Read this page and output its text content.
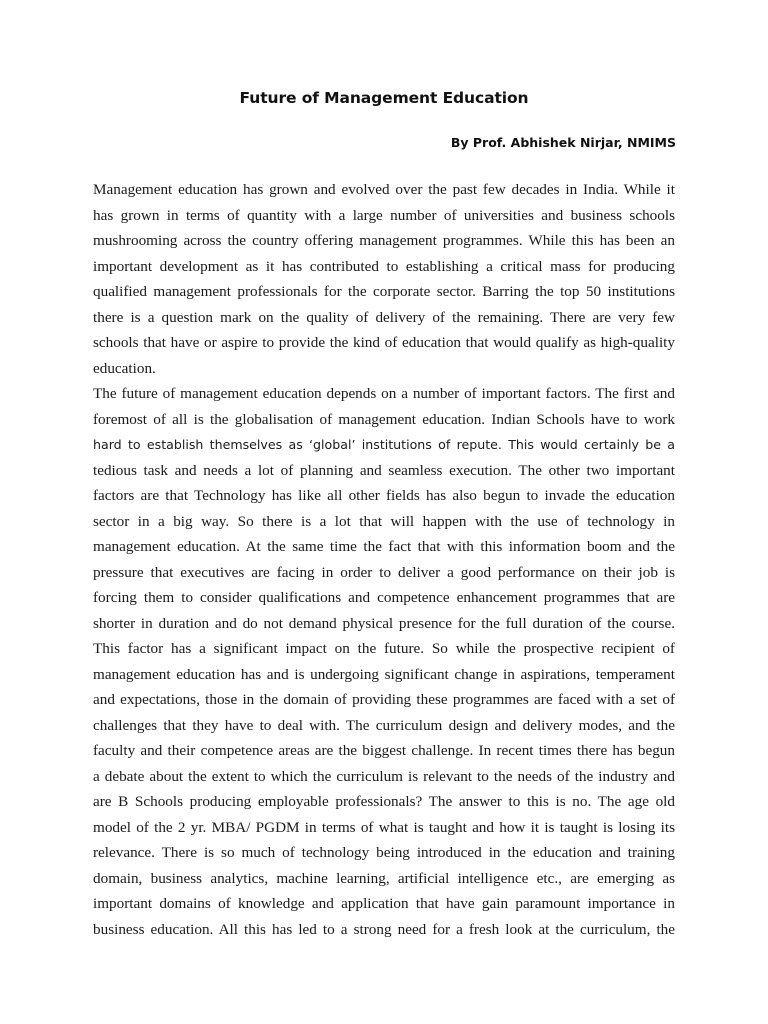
Future of Management Education

By Prof. Abhishek Nirjar, NMIMS

Management education has grown and evolved over the past few decades in India. While it
has grown in terms of quantity with a large number of universities and business schools
mushrooming across the country offering management programmes. While this has been an
important development as it has contributed to establishing a critical mass for producing
qualified management professionals for the corporate sector. Barring the top 50 institutions
there is a question mark on the quality of delivery of the remaining. There are very few
schools that have or aspire to provide the kind of education that would qualify as high-quality
education.
The future of management education depends on a number of important factors. The first and
foremost of all is the globalisation of management education. Indian Schools have to work
hard to establish themselves as ‘global’ institutions of repute. This would certainly be a
tedious task and needs a lot of planning and seamless execution. The other two important
factors are that Technology has like all other fields has also begun to invade the education
sector in a big way. So there is a lot that will happen with the use of technology in
management education. At the same time the fact that with this information boom and the
pressure that executives are facing in order to deliver a good performance on their job is
forcing them to consider qualifications and competence enhancement programmes that are
shorter in duration and do not demand physical presence for the full duration of the course.
This factor has a significant impact on the future. So while the prospective recipient of
management education has and is undergoing significant change in aspirations, temperament
and expectations, those in the domain of providing these programmes are faced with a set of
challenges that they have to deal with. The curriculum design and delivery modes, and the
faculty and their competence areas are the biggest challenge. In recent times there has begun
a debate about the extent to which the curriculum is relevant to the needs of the industry and
are B Schools producing employable professionals? The answer to this is no. The age old
model of the 2 yr. MBA/ PGDM in terms of what is taught and how it is taught is losing its
relevance. There is so much of technology being introduced in the education and training
domain, business analytics, machine learning, artificial intelligence etc., are emerging as
important domains of knowledge and application that have gain paramount importance in
business education. All this has led to a strong need for a fresh look at the curriculum, the
